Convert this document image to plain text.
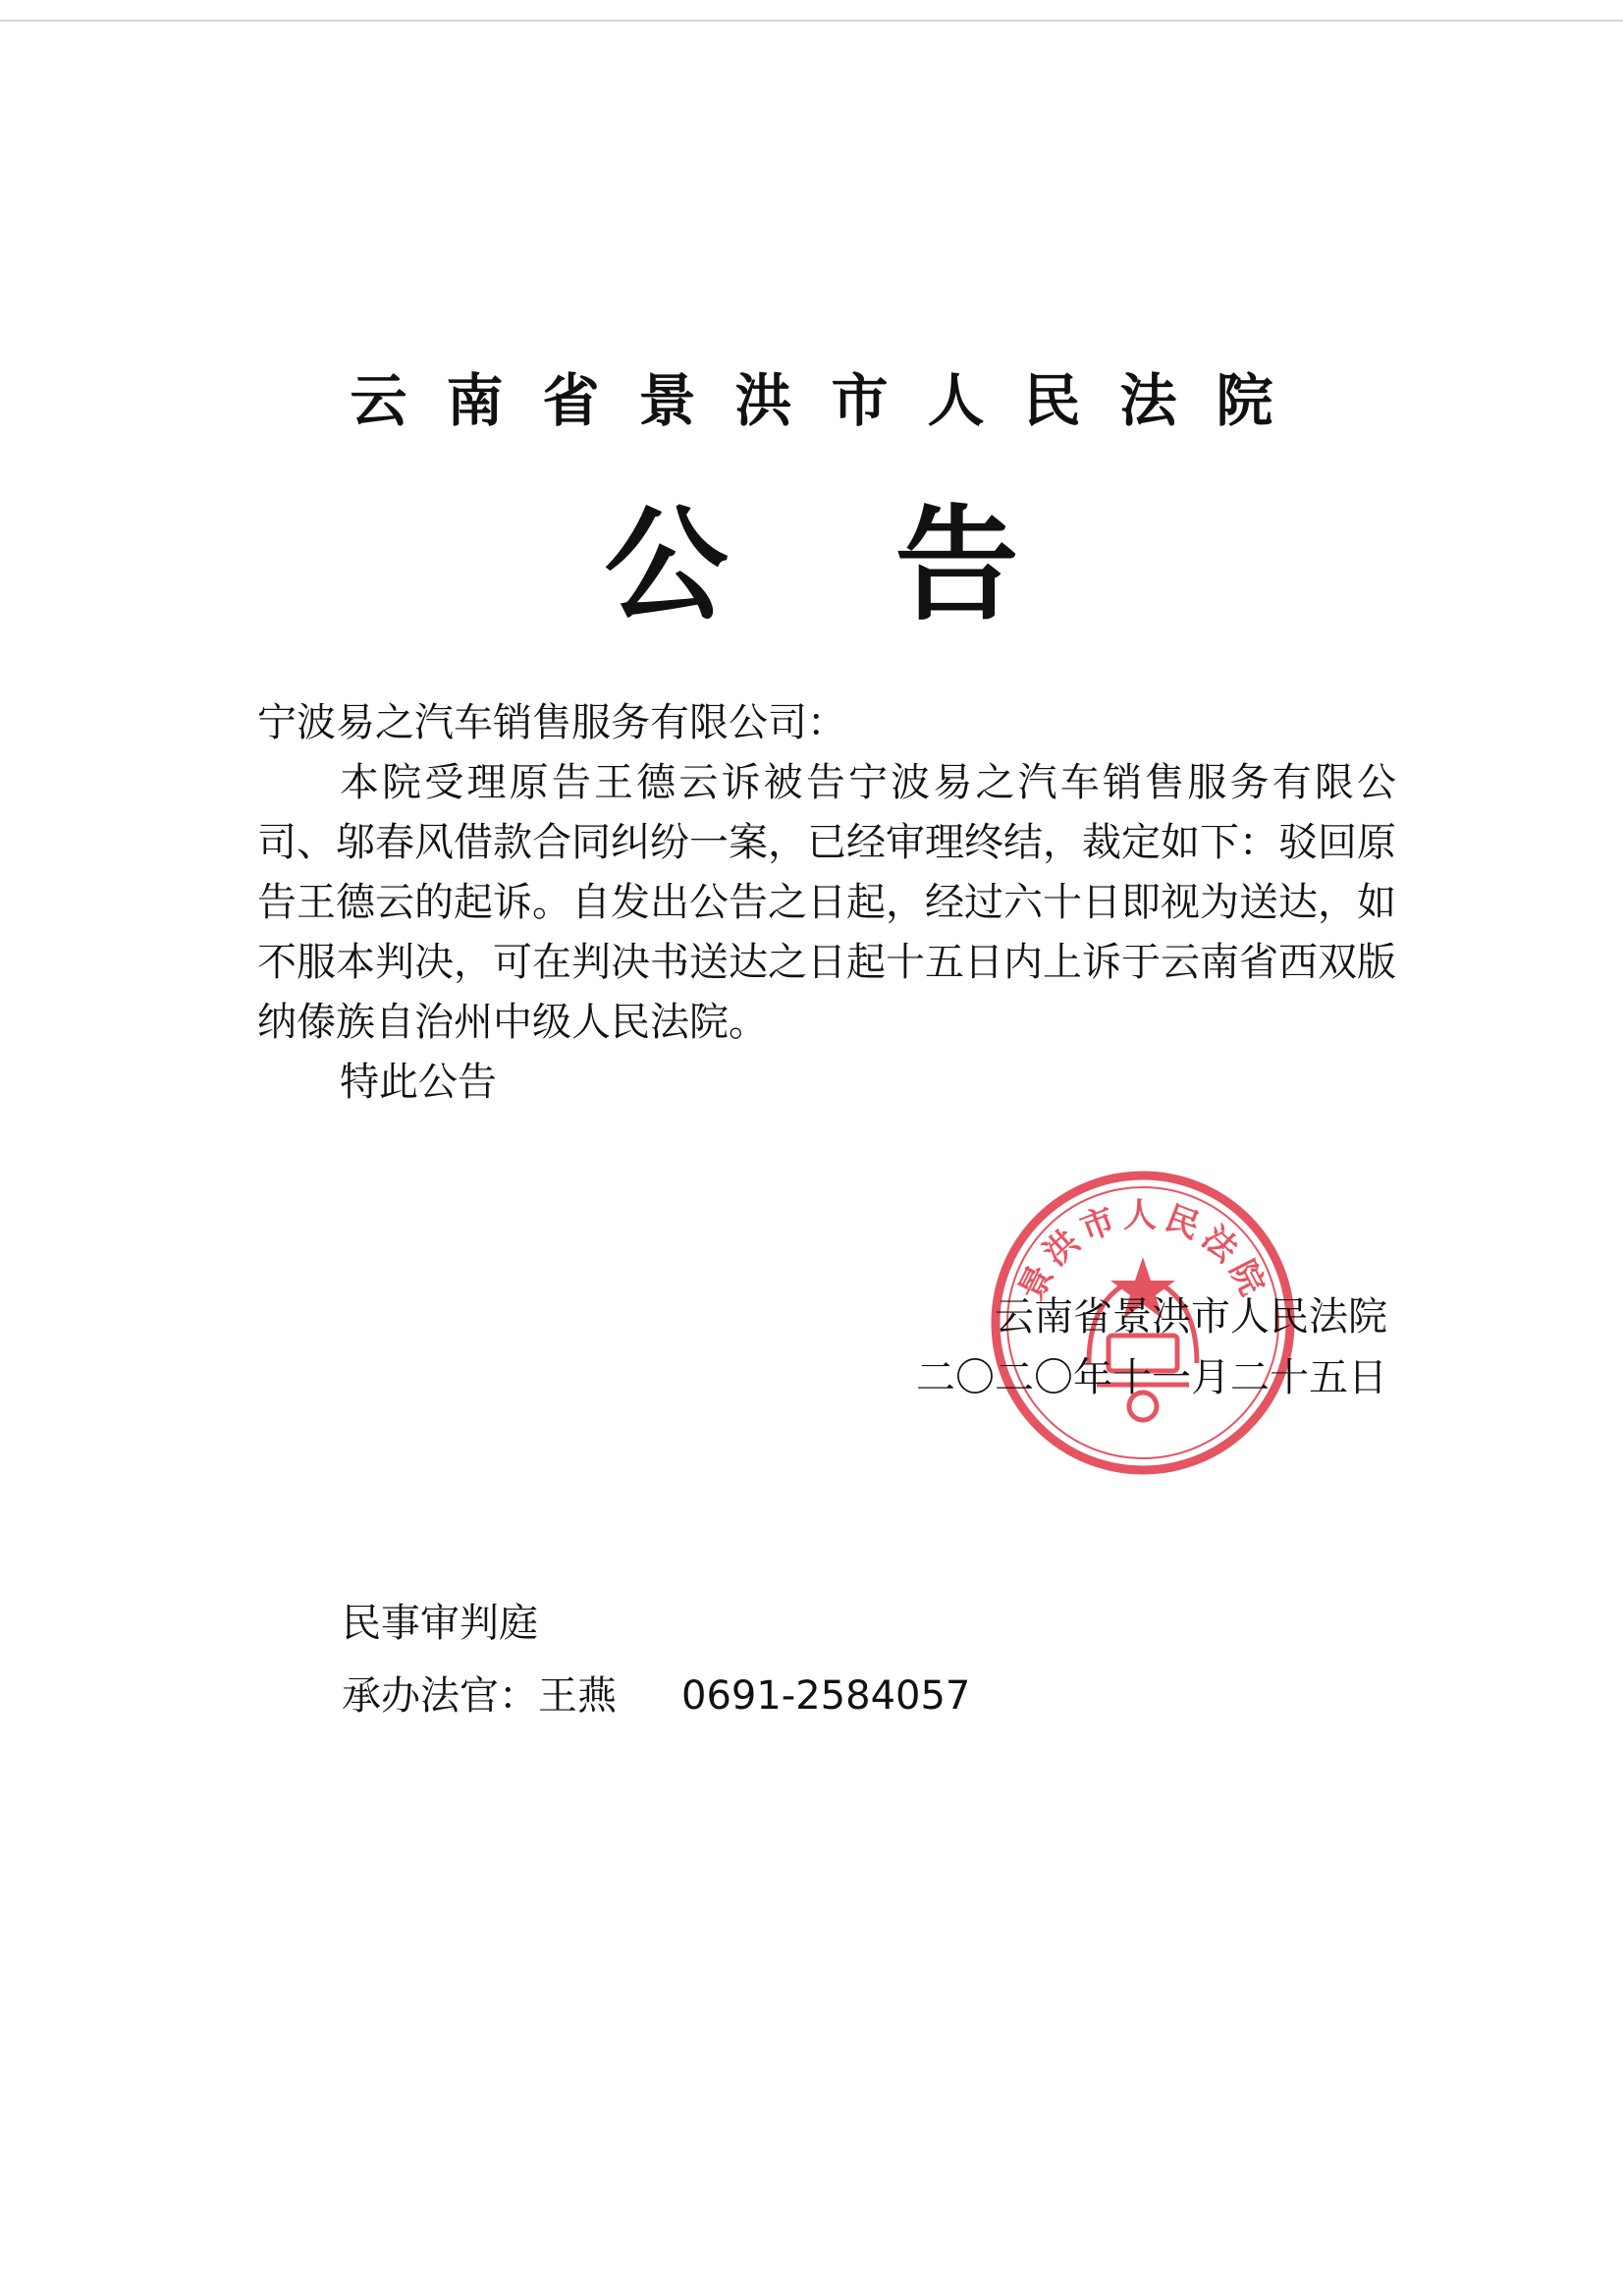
云南省景洪市人民法院
公 告

宁波易之汽车销售服务有限公司：

本院受理原告王德云诉被告宁波易之汽车销售服务有限公司、邬春风借款合同纠纷一案，已经审理终结，裁定如下：驳回原告王德云的起诉。自发出公告之日起，经过六十日即视为送达，如不服本判决，可在判决书送达之日起十五日内上诉于云南省西双版纳傣族自治州中级人民法院。

特此公告

景洪市人民法院
云南省景洪市人民法院
二〇二〇年十一月二十五日
民事审判庭
承办法官：王燕 0691-2584057
